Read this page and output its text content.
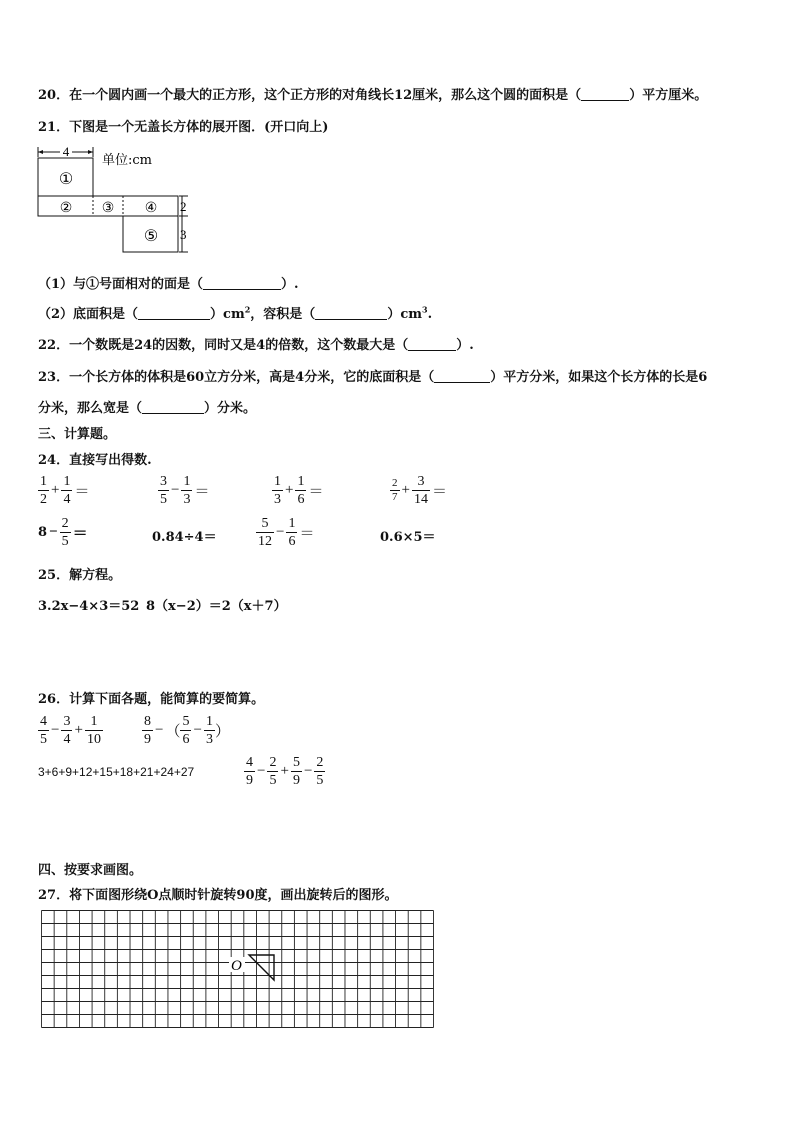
20．在一个圆内画一个最大的正方形，这个正方形的对角线长12厘米，那么这个圆的面积是（	）平方厘米。
21．下图是一个无盖长方体的展开图．(开口向上)
4
单位:cm
①
② ③ ④
⑤
2
3
（1）与①号面相对的面是（	）.
（2）底面积是（	）$cm^2$，容积是（	）$cm^3$.
22．一个数既是24的因数，同时又是4的倍数，这个数最大是（	）.
23．一个长方体的体积是60立方分米，高是4分米，它的底面积是（	）平方分米，如果这个长方体的长是6
分米，那么宽是（	）分米。
三、计算题。
24．直接写出得数.
$\frac{1}{2} + \frac{1}{4}$ ＝	$\frac{3}{5} - \frac{1}{3}$ ＝	$\frac{1}{3} + \frac{1}{6}$ ＝	$\frac{2}{7} + \frac{3}{14}$ ＝
$8 - \frac{2}{5}$ ＝	0.84÷4＝	$\frac{5}{12} - \frac{1}{6}$ ＝	0.6×5＝
25．解方程。
3.2x−4×3＝52 8（x−2）＝2（x＋7）
26．计算下面各题，能简算的要简算。
$\frac{4}{5} - \frac{3}{4} + \frac{1}{10}$	$\frac{8}{9}$ − （ $\frac{5}{6} - \frac{1}{3}$ ）
3+6+9+12+15+18+21+24+27	$\frac{4}{9} - \frac{2}{5} + \frac{5}{9} - \frac{2}{5}$
四、按要求画图。
27．将下面图形绕O点顺时针旋转90度，画出旋转后的图形。
O
